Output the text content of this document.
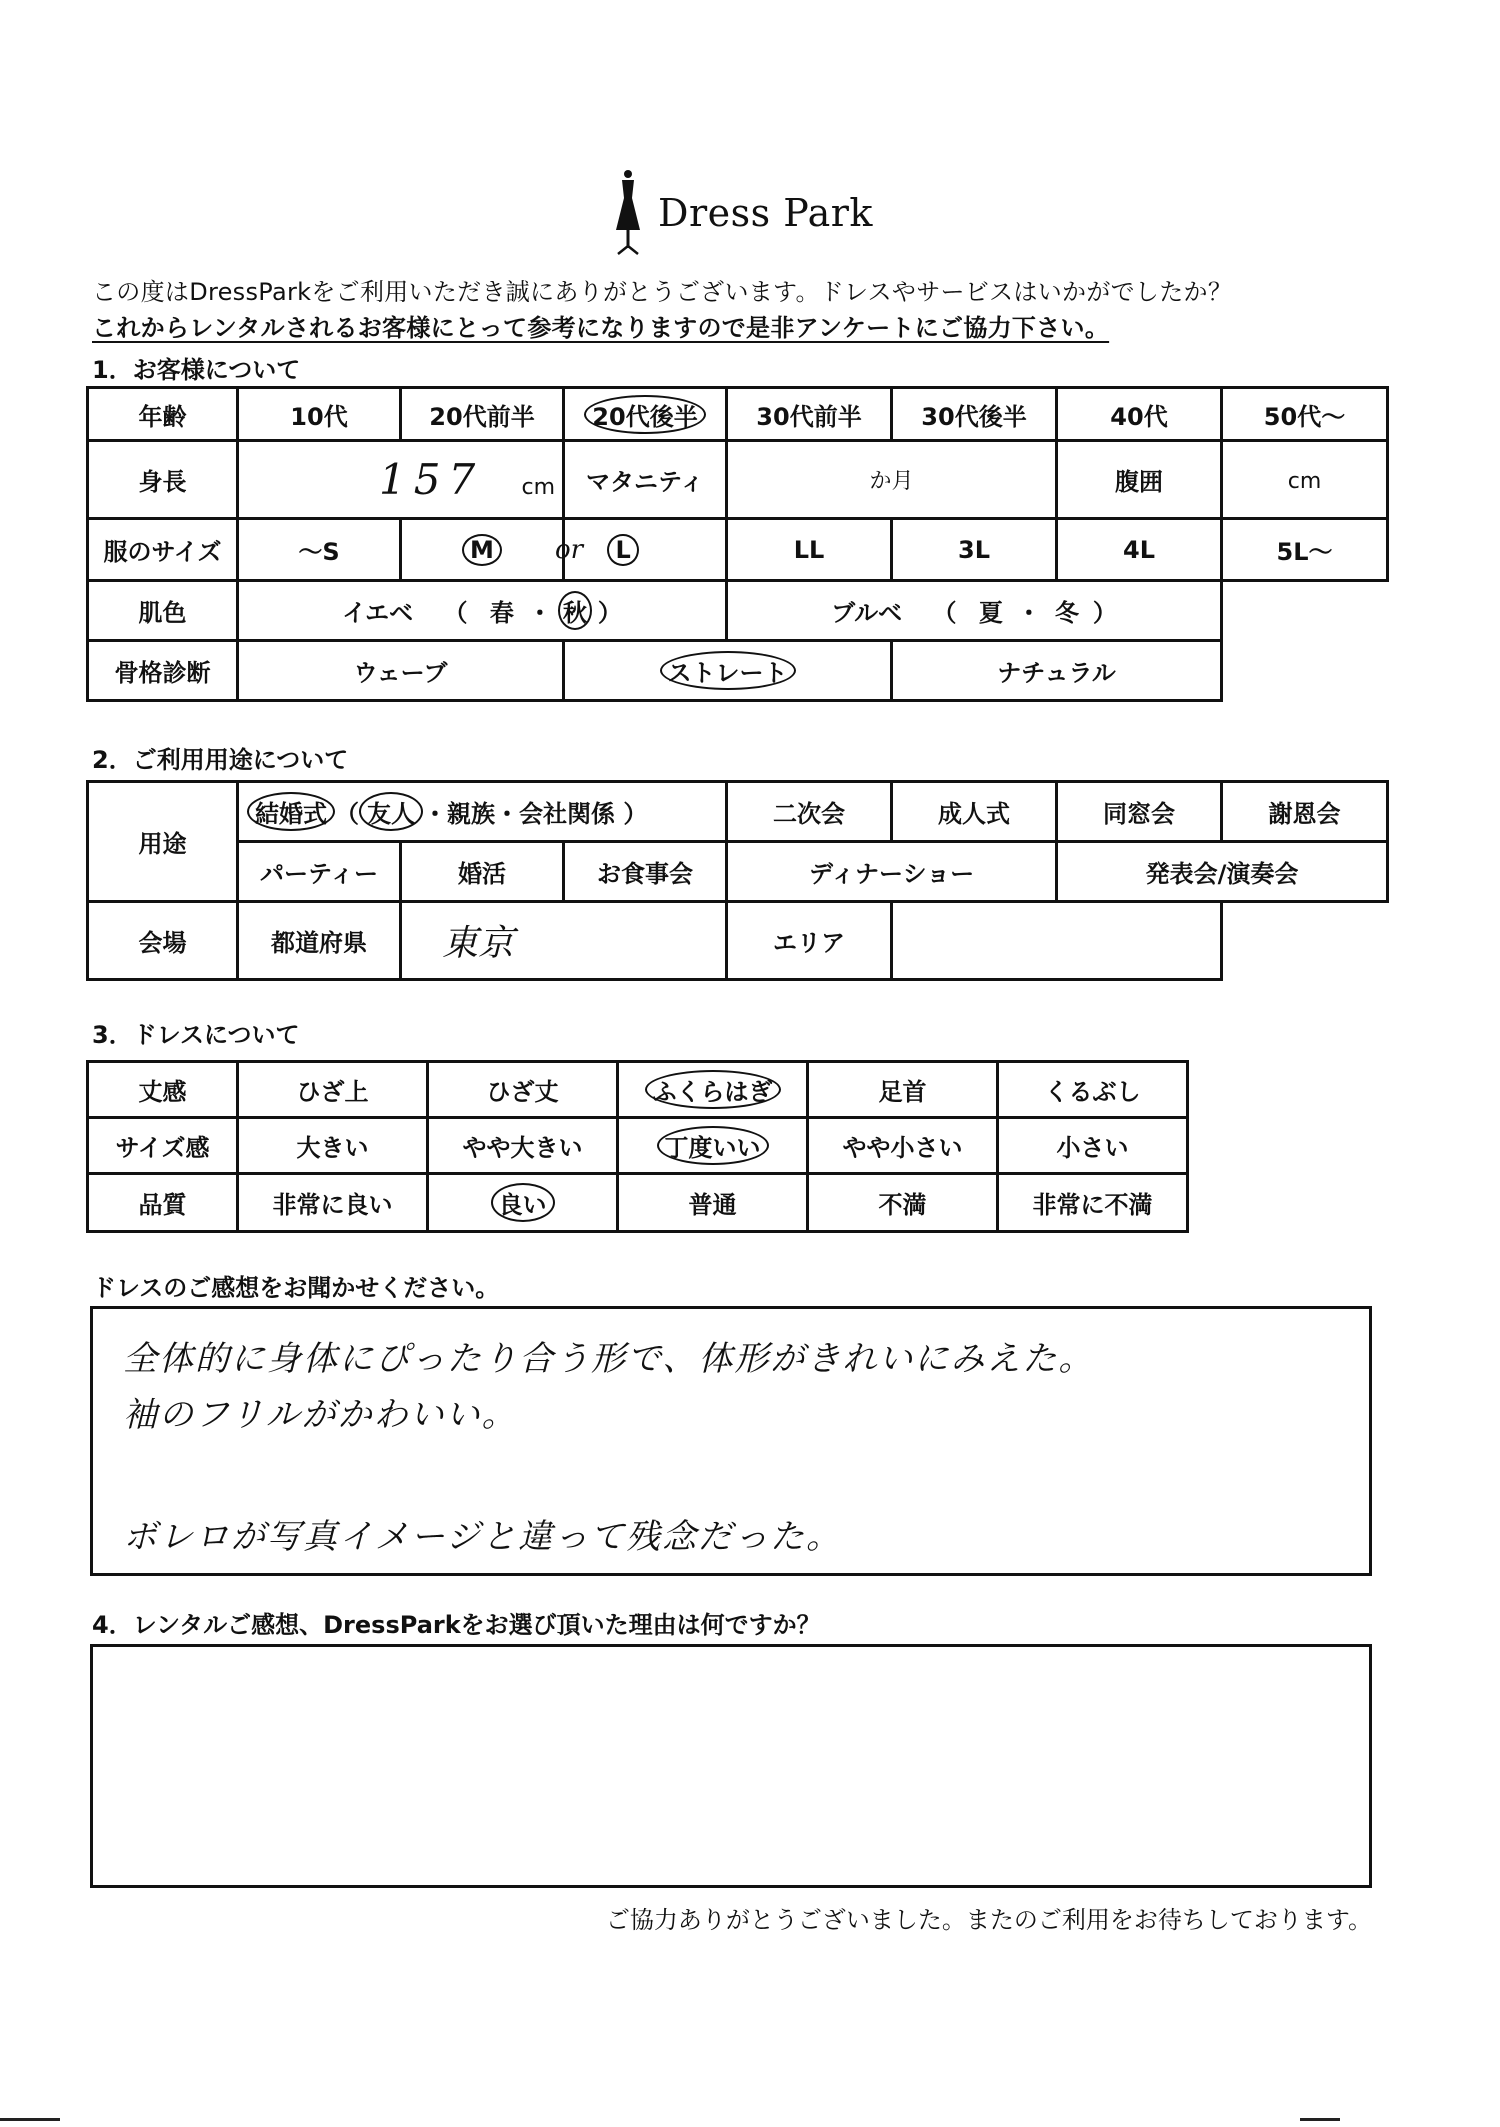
Dress Park
この度はDressParkをご利用いただき誠にありがとうございます。ドレスやサービスはいかがでしたか？
これからレンタルされるお客様にとって参考になりますので是非アンケートにご協力下さい。
1．お客様について
年齢	10代	20代前半	20代後半	30代前半	30代後半	40代	50代～
身長	157 cm		マタニティ	か月		腹囲	cm
服のサイズ	～S	M	or L	LL	3L	4L	5L～
肌色	イエベ （ 春 ・ 秋 ）			ブルベ （ 夏 ・ 冬 ）			
骨格診断	ウェーブ		ストレート		ナチュラル		
2．ご利用用途について
用途	結婚式 （ 友人 ・親族・会社関係 ）			二次会	成人式	同窓会	謝恩会
	パーティー	婚活	お食事会	ディナーショー		発表会/演奏会	
会場	都道府県	東京		エリア			
3．ドレスについて
丈感	ひざ上	ひざ丈	ふくらはぎ	足首	くるぶし
サイズ感	大きい	やや大きい	丁度いい	やや小さい	小さい
品質	非常に良い	良い	普通	不満	非常に不満
ドレスのご感想をお聞かせください。
全体的に身体にぴったり合う形で、体形がきれいにみえた。
袖のフリルがかわいい。
ボレロが写真イメージと違って残念だった。
4．レンタルご感想、DressParkをお選び頂いた理由は何ですか？
ご協力ありがとうございました。またのご利用をお待ちしております。
